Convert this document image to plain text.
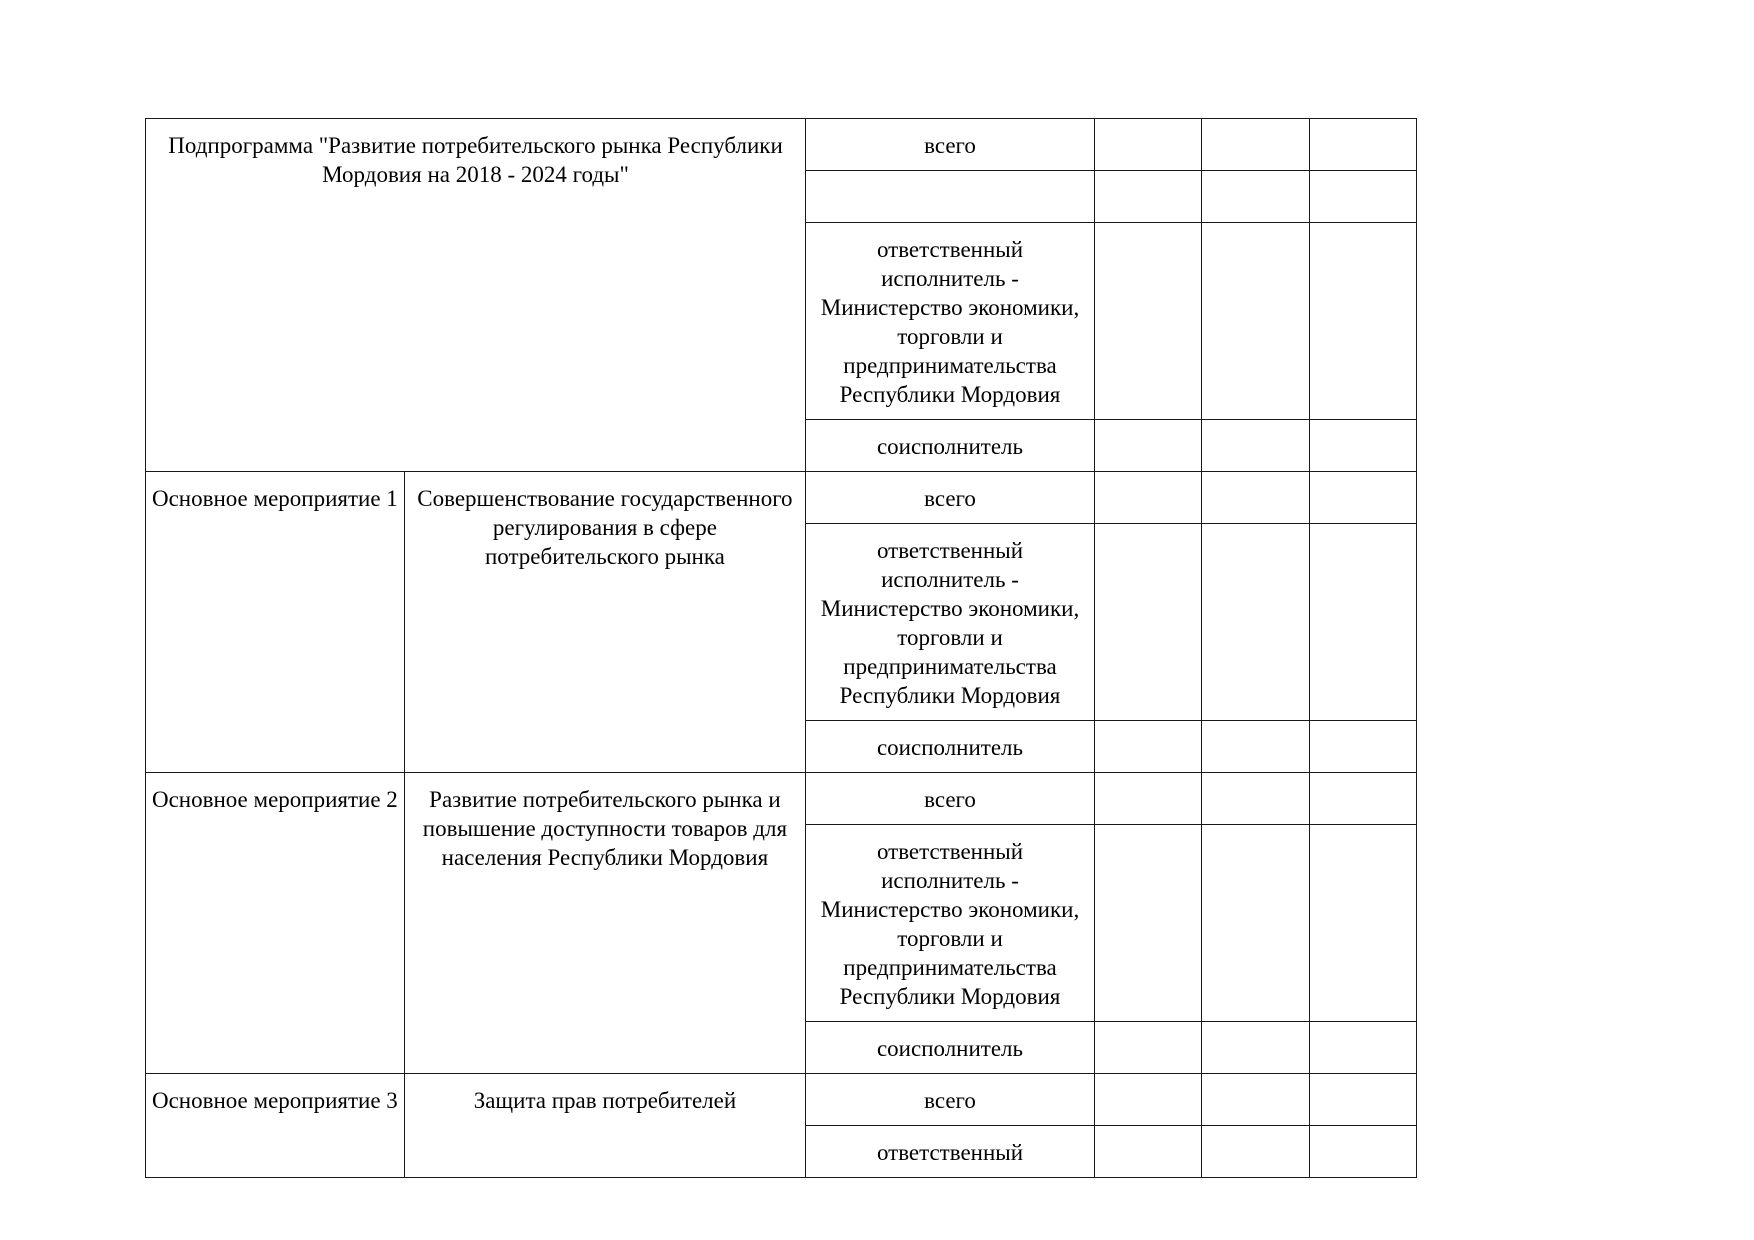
Подпрограмма "Развитие потребительского рынка Республики Мордовия на 2018 - 2024 годы"		всего			

		ответственный исполнитель - Министерство экономики, торговли и предпринимательства Республики Мордовия			

		соисполнитель			

Основное мероприятие 1	Совершенствование государственного регулирования в сфере потребительского рынка	всего			

		ответственный исполнитель - Министерство экономики, торговли и предпринимательства Республики Мордовия			

		соисполнитель			

Основное мероприятие 2	Развитие потребительского рынка и повышение доступности товаров для населения Республики Мордовия	всего			

		ответственный исполнитель - Министерство экономики, торговли и предпринимательства Республики Мордовия			

		соисполнитель			

Основное мероприятие 3	Защита прав потребителей	всего			

		ответственный			
